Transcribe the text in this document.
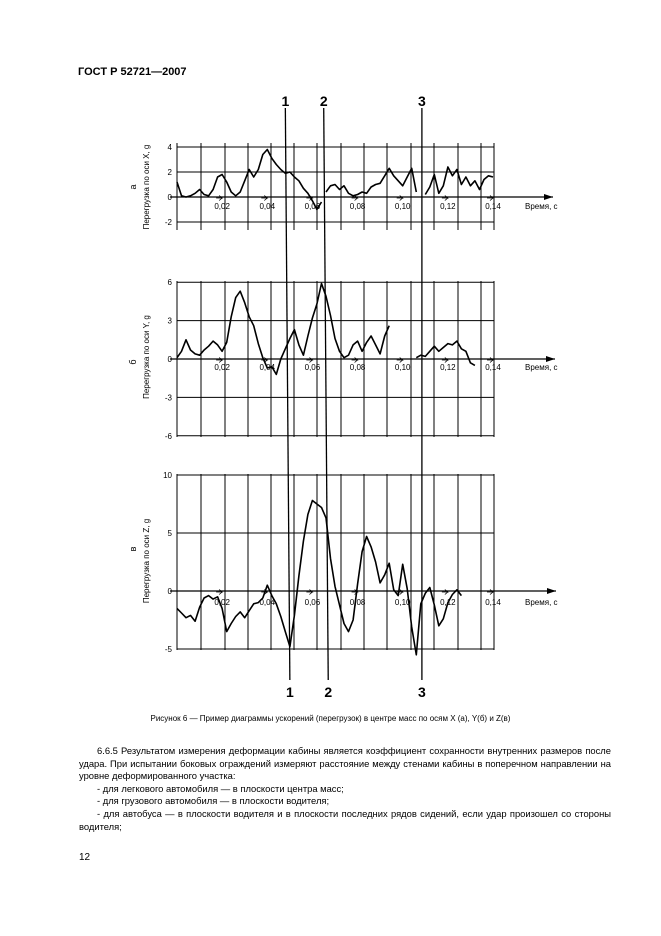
ГОСТ Р 52721—2007
4
2
0
-2
0,02	0,04	0,06	0,08	0,10	0,12	0,14	Время, с
Перегрузка по оси X, g
а
6
3
0
-3
-6
0,02	0,04	0,06	0,08	0,10	0,12	0,14	Время, с
Перегрузка по оси Y, g
б
10
5
0
-5
0,02	0,04	0,06	0,08	0,10	0,12	0,14	Время, с
Перегрузка по оси Z, g
в
1
1
2
2
3
3
Рисунок 6 — Пример диаграммы ускорений (перегрузок) в центре масс по осям X (а), Y(б) и Z(в)

6.6.5 Результатом измерения деформации кабины является коэффициент сохранности внутренних размеров после удара. При испытании боковых ограждений измеряют расстояние между стенами кабины в поперечном направлении на уровне деформированного участка:

- для легкового автомобиля — в плоскости центра масс;

- для грузового автомобиля — в плоскости водителя;

- для автобуса — в плоскости водителя и в плоскости последних рядов сидений, если удар произошел со стороны водителя;

12
